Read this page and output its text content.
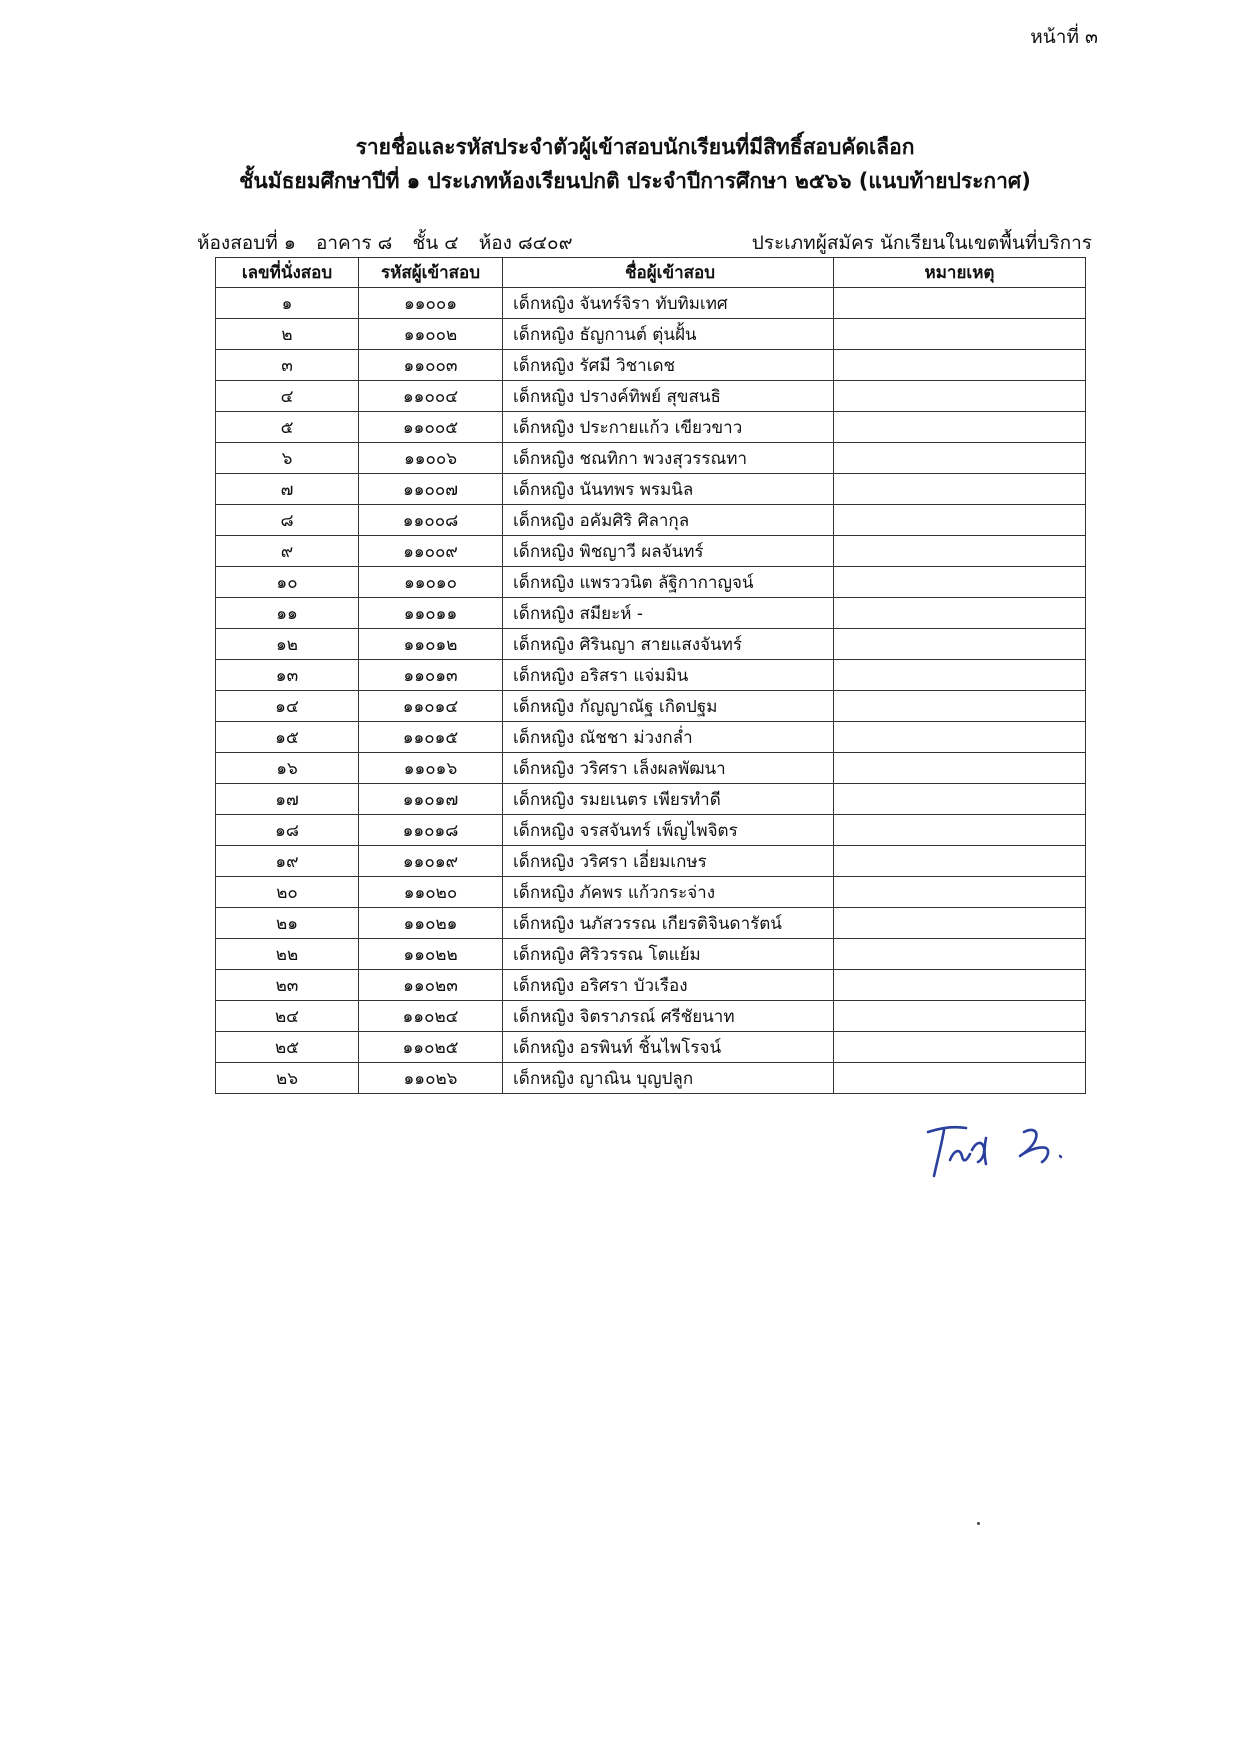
หน้าที่ ๓
รายชื่อและรหัสประจำตัวผู้เข้าสอบนักเรียนที่มีสิทธิ์สอบคัดเลือก
ชั้นมัธยมศึกษาปีที่ ๑ ประเภทห้องเรียนปกติ ประจำปีการศึกษา ๒๕๖๖ (แนบท้ายประกาศ)
ห้องสอบที่ ๑ อาคาร ๘ ชั้น ๔ ห้อง ๘๔๐๙	ประเภทผู้สมัคร นักเรียนในเขตพื้นที่บริการ
เลขที่นั่งสอบ	รหัสผู้เข้าสอบ	ชื่อผู้เข้าสอบ	หมายเหตุ
๑	๑๑๐๐๑	เด็กหญิง จันทร์จิรา ทับทิมเทศ	
๒	๑๑๐๐๒	เด็กหญิง ธัญกานต์ ตุ่นฝั้น	
๓	๑๑๐๐๓	เด็กหญิง รัศมี วิชาเดช	
๔	๑๑๐๐๔	เด็กหญิง ปรางค์ทิพย์ สุขสนธิ	
๕	๑๑๐๐๕	เด็กหญิง ประกายแก้ว เขียวขาว	
๖	๑๑๐๐๖	เด็กหญิง ชณทิกา พวงสุวรรณทา	
๗	๑๑๐๐๗	เด็กหญิง นันทพร พรมนิล	
๘	๑๑๐๐๘	เด็กหญิง อคัมศิริ ศิลากุล	
๙	๑๑๐๐๙	เด็กหญิง พิชญาวี ผลจันทร์	
๑๐	๑๑๐๑๐	เด็กหญิง แพรววนิต ลัฐิกากาญจน์	
๑๑	๑๑๐๑๑	เด็กหญิง สมียะห์ -	
๑๒	๑๑๐๑๒	เด็กหญิง ศิรินญา สายแสงจันทร์	
๑๓	๑๑๐๑๓	เด็กหญิง อริสรา แจ่มมิน	
๑๔	๑๑๐๑๔	เด็กหญิง กัญญาณัฐ เกิดปฐม	
๑๕	๑๑๐๑๕	เด็กหญิง ณัชชา ม่วงกล่ำ	
๑๖	๑๑๐๑๖	เด็กหญิง วริศรา เล็งผลพัฒนา	
๑๗	๑๑๐๑๗	เด็กหญิง รมยเนตร เพียรทำดี	
๑๘	๑๑๐๑๘	เด็กหญิง จรสจันทร์ เพ็ญไพจิตร	
๑๙	๑๑๐๑๙	เด็กหญิง วริศรา เอี่ยมเกษร	
๒๐	๑๑๐๒๐	เด็กหญิง ภัคพร แก้วกระจ่าง	
๒๑	๑๑๐๒๑	เด็กหญิง นภัสวรรณ เกียรติจินดารัตน์	
๒๒	๑๑๐๒๒	เด็กหญิง ศิริวรรณ โตแย้ม	
๒๓	๑๑๐๒๓	เด็กหญิง อริศรา บัวเรือง	
๒๔	๑๑๐๒๔	เด็กหญิง จิตราภรณ์ ศรีชัยนาท	
๒๕	๑๑๐๒๕	เด็กหญิง อรพินท์ ชิ้นไพโรจน์	
๒๖	๑๑๐๒๖	เด็กหญิง ญาณิน บุญปลูก	
